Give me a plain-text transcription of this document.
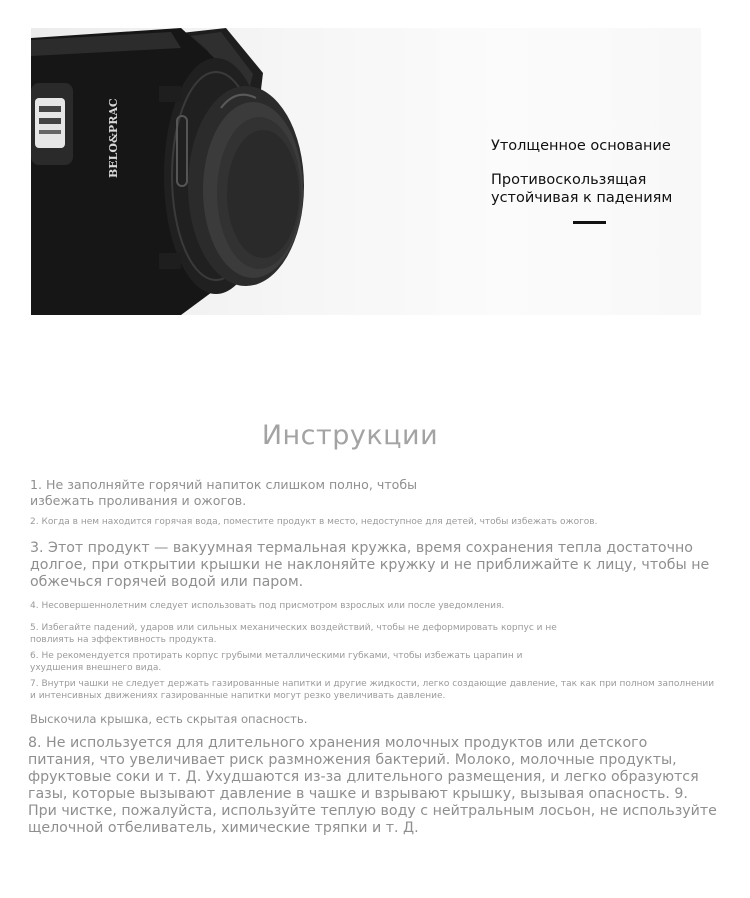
BELO&PRAC	Утолщенное основание
Противоскользящая
устойчивая к падениям
Инструкции

1. Не заполняйте горячий напиток слишком полно, чтобы избежать проливания и ожогов.

2. Когда в нем находится горячая вода, поместите продукт в место, недоступное для детей, чтобы избежать ожогов.

3. Этот продукт — вакуумная термальная кружка, время сохранения тепла достаточно долгое, при открытии крышки не наклоняйте кружку и не приближайте к лицу, чтобы не обжечься горячей водой или паром.

4. Несовершеннолетним следует использовать под присмотром взрослых или после уведомления.

5. Избегайте падений, ударов или сильных механических воздействий, чтобы не деформировать корпус и не повлиять на эффективность продукта.

6. Не рекомендуется протирать корпус грубыми металлическими губками, чтобы избежать царапин и ухудшения внешнего вида.

7. Внутри чашки не следует держать газированные напитки и другие жидкости, легко создающие давление, так как при полном заполнении и интенсивных движениях газированные напитки могут резко увеличивать давление.

Выскочила крышка, есть скрытая опасность.

8. Не используется для длительного хранения молочных продуктов или детского питания, что увеличивает риск размножения бактерий. Молоко, молочные продукты, фруктовые соки и т. Д. Ухудшаются из-за длительного размещения, и легко образуются газы, которые вызывают давление в чашке и взрывают крышку, вызывая опасность. 9. При чистке, пожалуйста, используйте теплую воду с нейтральным лосьон, не используйте щелочной отбеливатель, химические тряпки и т. Д.
